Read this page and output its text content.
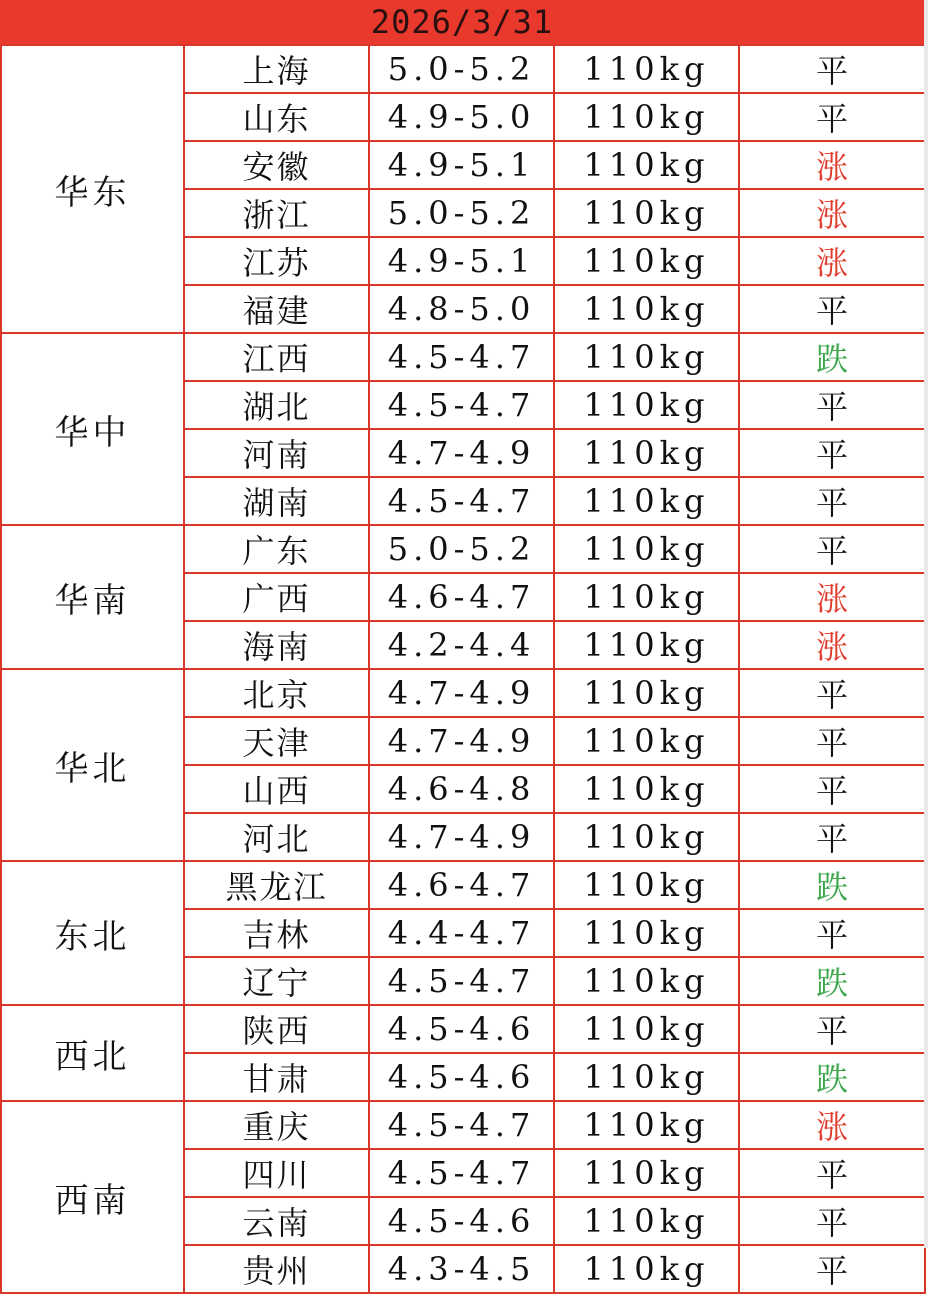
2026/3/31
华东	上海	5.0-5.2	110kg	平
	山东	4.9-5.0	110kg	平
	安徽	4.9-5.1	110kg	涨
	浙江	5.0-5.2	110kg	涨
	江苏	4.9-5.1	110kg	涨
	福建	4.8-5.0	110kg	平
华中	江西	4.5-4.7	110kg	跌
	湖北	4.5-4.7	110kg	平
	河南	4.7-4.9	110kg	平
	湖南	4.5-4.7	110kg	平
华南	广东	5.0-5.2	110kg	平
	广西	4.6-4.7	110kg	涨
	海南	4.2-4.4	110kg	涨
华北	北京	4.7-4.9	110kg	平
	天津	4.7-4.9	110kg	平
	山西	4.6-4.8	110kg	平
	河北	4.7-4.9	110kg	平
东北	黑龙江	4.6-4.7	110kg	跌
	吉林	4.4-4.7	110kg	平
	辽宁	4.5-4.7	110kg	跌
西北	陕西	4.5-4.6	110kg	平
	甘肃	4.5-4.6	110kg	跌
西南	重庆	4.5-4.7	110kg	涨
	四川	4.5-4.7	110kg	平
	云南	4.5-4.6	110kg	平
	贵州	4.3-4.5	110kg	平
